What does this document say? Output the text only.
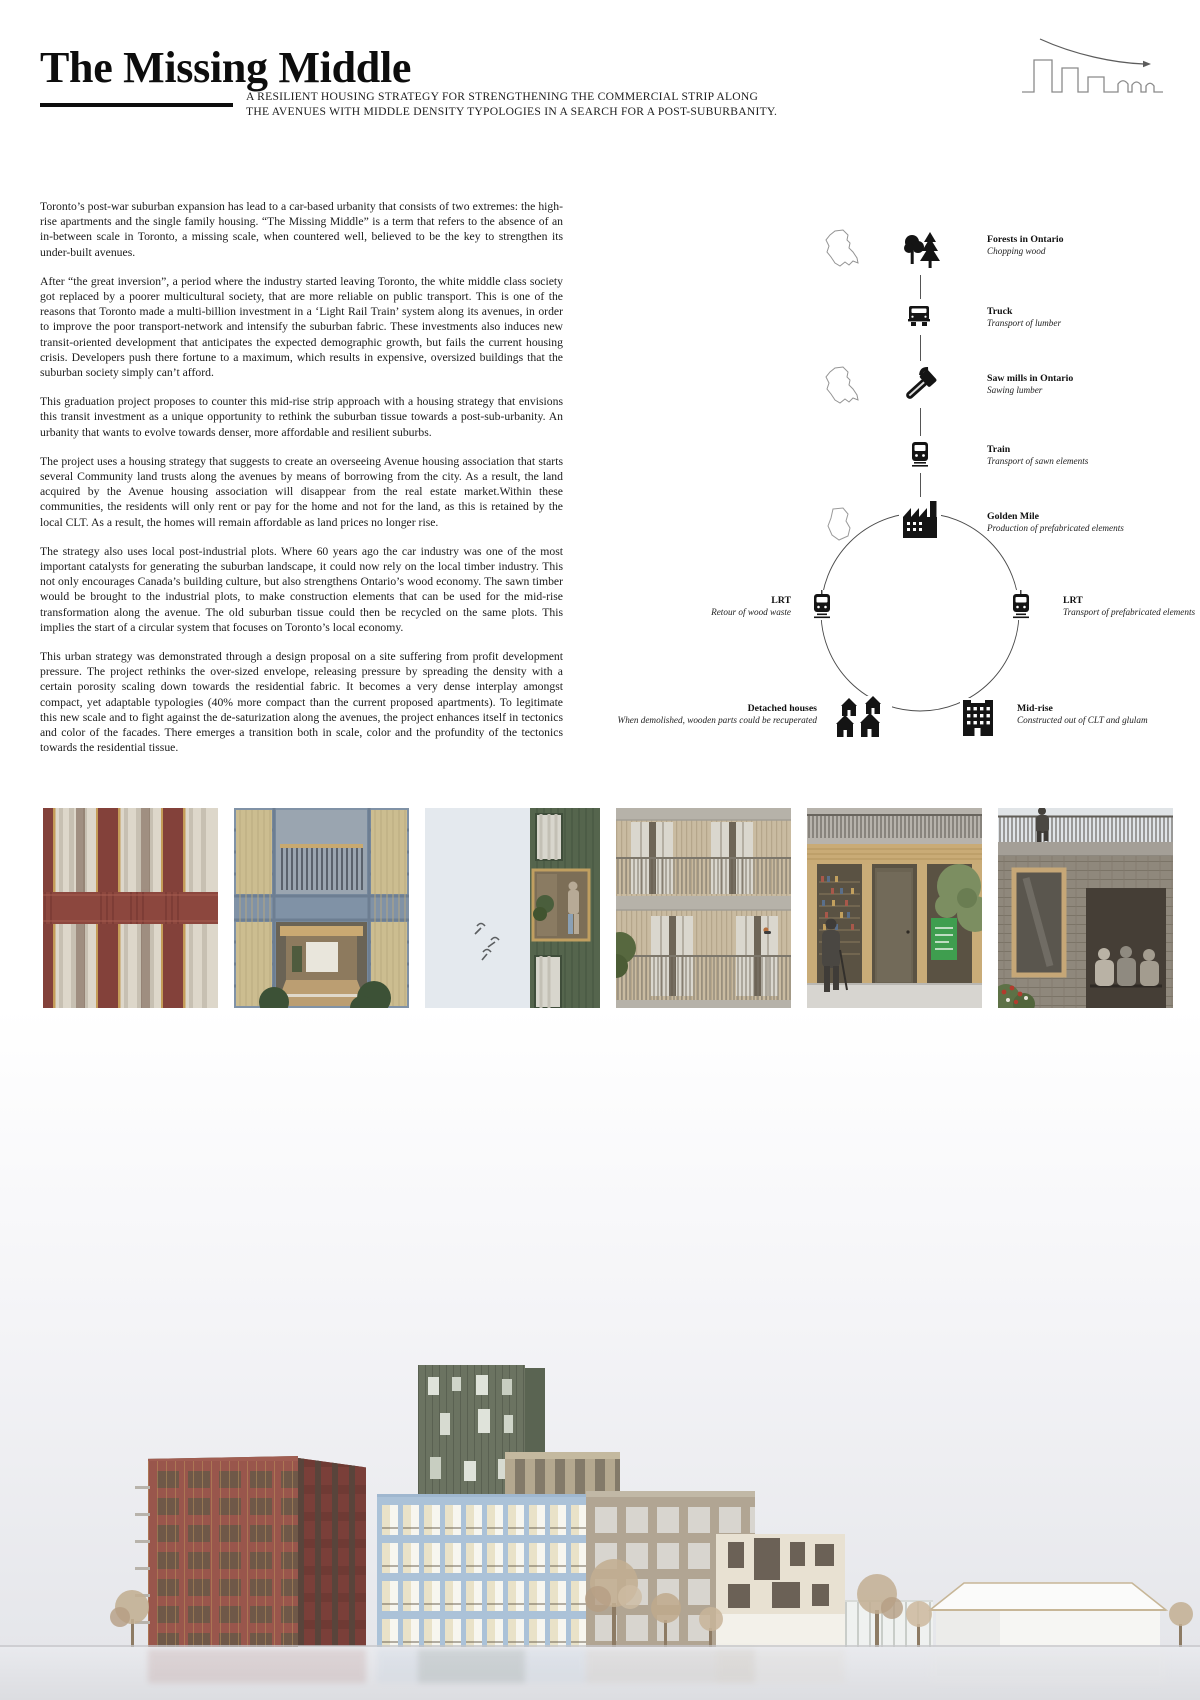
The Missing Middle
A RESILIENT HOUSING STRATEGY FOR STRENGTHENING THE COMMERCIAL STRIP ALONG
THE AVENUES WITH MIDDLE DENSITY TYPOLOGIES IN A SEARCH FOR A POST-SUBURBANITY.

Toronto’s post-war suburban expansion has lead to a car-based urbanity that consists of two extremes: the high-rise apartments and the single family housing. “The Missing Middle” is a term that refers to the absence of an in-between scale in Toronto, a missing scale, when countered well, believed to be the key to strengthen its under-built avenues.

After “the great inversion”, a period where the industry started leaving Toronto, the white middle class society got replaced by a poorer multicultural society, that are more reliable on public transport. This is one of the reasons that Toronto made a multi-billion investment in a ‘Light Rail Train’ system along its avenues, in order to improve the poor transport-network and intensify the suburban fabric. These investments also induces new transit-oriented development that anticipates the expected demographic growth, but fails the current housing crisis. Developers push there fortune to a maximum, which results in expensive, oversized buildings that the suburban society simply can’t afford.

This graduation project proposes to counter this mid-rise strip approach with a housing strategy that envisions this transit investment as a unique opportunity to rethink the suburban tissue towards a post-sub-urbanity. An urbanity that wants to evolve towards denser, more affordable and resilient suburbs.

The project uses a housing strategy that suggests to create an overseeing Avenue housing association that starts several Community land trusts along the avenues by means of borrowing from the city. As a result, the land acquired by the Avenue housing association will disappear from the real estate market.Within these communities, the residents will only rent or pay for the home and not for the land, as this is retained by the local CLT. As a result, the homes will remain affordable as land prices no longer rise.

The strategy also uses local post-industrial plots. Where 60 years ago the car industry was one of the most important catalysts for generating the suburban landscape, it could now rely on the local timber industry. This not only encourages Canada’s building culture, but also strengthens Ontario’s wood economy. The sawn timber would be brought to the industrial plots, to make construction elements that can be used for the mid-rise transformation along the avenue. The old suburban tissue could then be recycled on the same plots. This implies the start of a circular system that focuses on Toronto’s local economy.

This urban strategy was demonstrated through a design proposal on a site suffering from profit development pressure. The project rethinks the over-sized envelope, releasing pressure by spreading the density with a certain porosity scaling down towards the residential fabric. It becomes a very dense interplay amongst compact, yet adaptable typologies (40% more compact than the current proposed apartments). To legitimate this new scale and to fight against the de-saturization along the avenues, the project enhances itself in tectonics and color of the facades. There emerges a transition both in scale, color and the profundity of the tectonics towards the residential tissue.

Forests in Ontario
Chopping wood
Truck
Transport of lumber
Saw mills in Ontario
Sawing lumber
Train
Transport of sawn elements
Golden Mile
Production of prefabricated elements
LRT
Retour of wood waste
LRT
Transport of prefabricated elements
Detached houses
When demolished, wooden parts could be recuperated
Mid-rise
Constructed out of CLT and glulam
